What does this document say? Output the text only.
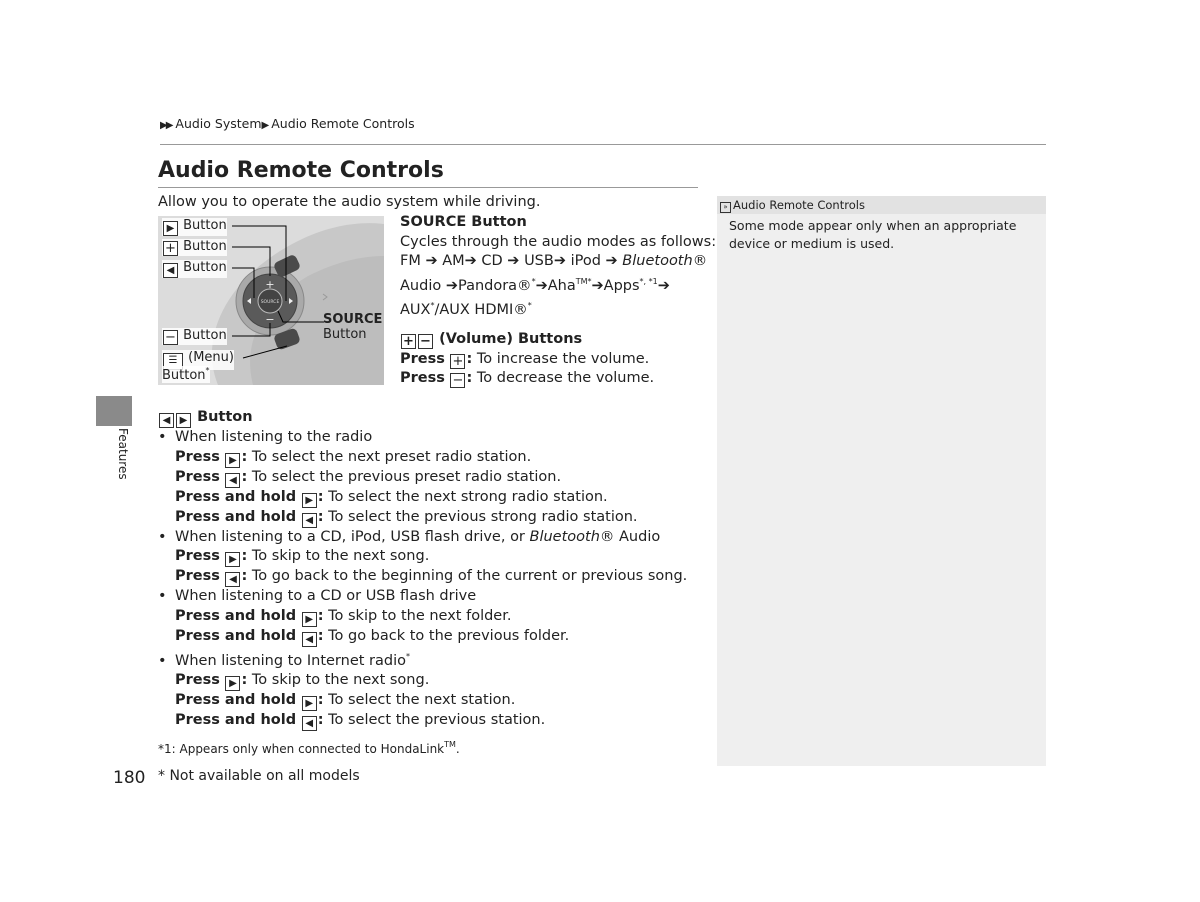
▶▶ Audio System▶ Audio Remote Controls
Audio Remote Controls
Allow you to operate the audio system while driving.
SOURCE
+
−
▶ Button
+ Button
◀ Button
− Button
☰ (Menu)
Button*
SOURCE
Button
SOURCE Button
Cycles through the audio modes as follows:
FM ➔ AM➔ CD ➔ USB➔ iPod ➔ Bluetooth®
Audio ➔Pandora®*➔Aha$^{TM*}$➔Apps$^{*, *1}$➔
AUX*/AUX HDMI®*
+ − (Volume) Buttons
Press + : To increase the volume.
Press − : To decrease the volume.
◀ ▶ Button
• When listening to the radio
Press ▶ : To select the next preset radio station.
Press ◀ : To select the previous preset radio station.
Press and hold ▶ : To select the next strong radio station.
Press and hold ◀ : To select the previous strong radio station.
• When listening to a CD, iPod, USB flash drive, or Bluetooth® Audio
Press ▶ : To skip to the next song.
Press ◀ : To go back to the beginning of the current or previous song.
• When listening to a CD or USB flash drive
Press and hold ▶ : To skip to the next folder.
Press and hold ◀ : To go back to the previous folder.
• When listening to Internet radio*
Press ▶ : To skip to the next song.
Press and hold ▶ : To select the next station.
Press and hold ◀ : To select the previous station.
*1: Appears only when connected to HondaLink™.
180 * Not available on all models
Features
» Audio Remote Controls
Some mode appear only when an appropriate device or medium is used.
